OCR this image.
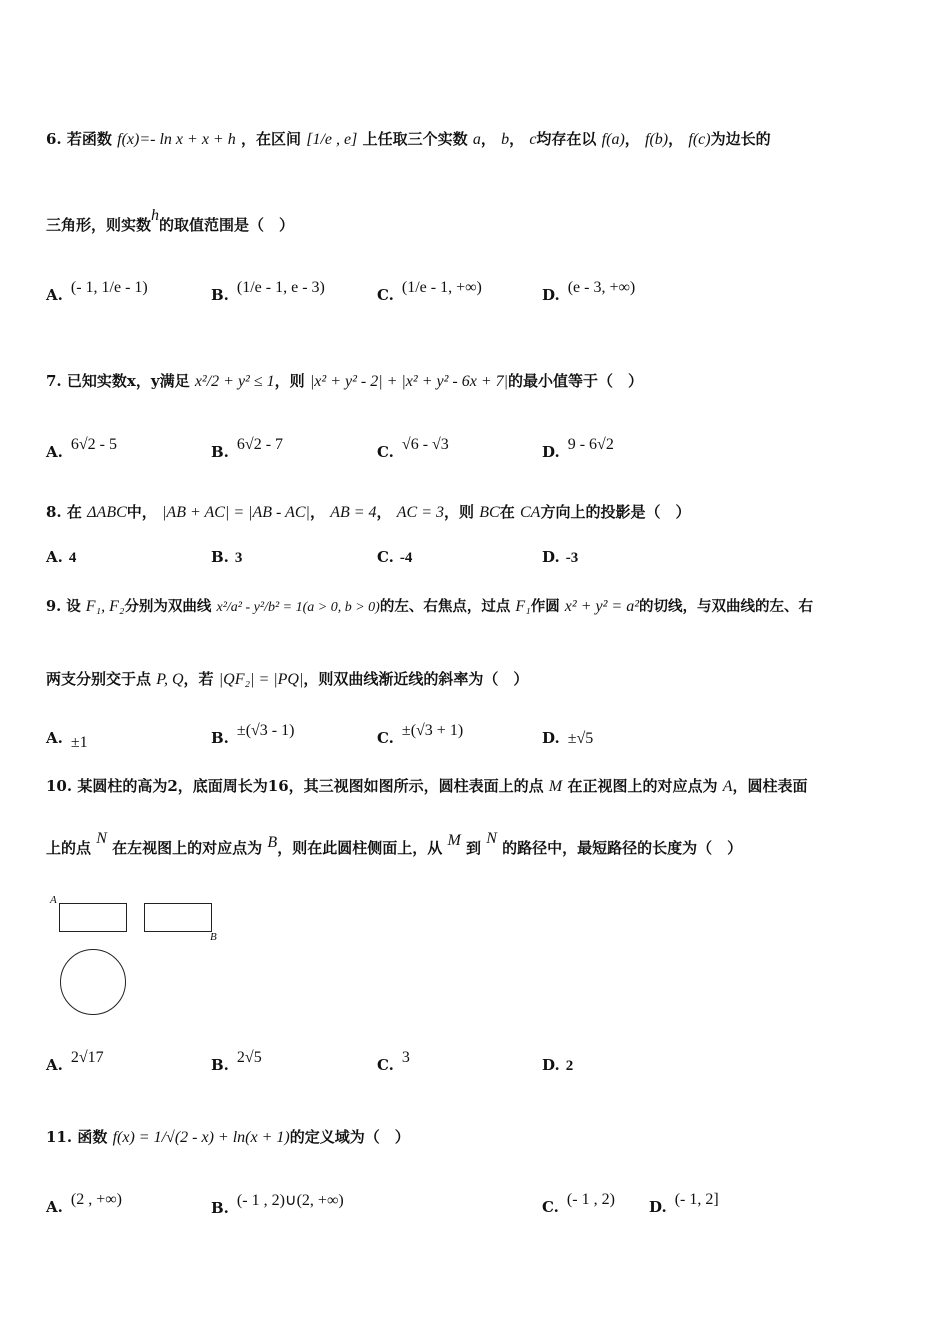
6. 若函数 f(x)=- ln x + x + h ，在区间 [1/e , e] 上任取三个实数 a， b， c均存在以 f(a)， f(b)， f(c)为边长的
三角形，则实数h的取值范围是（　）
A. (- 1, 1/e - 1)	B. (1/e - 1, e - 3)	C. (1/e - 1, +∞)	D. (e - 3, +∞)
7. 已知实数x，y满足 x²/2 + y² ≤ 1，则 |x² + y² - 2| + |x² + y² - 6x + 7|的最小值等于（　）
A. 6√2 - 5	B. 6√2 - 7	C. √6 - √3	D. 9 - 6√2
8. 在 ΔABC中， |AB + AC| = |AB - AC|， AB = 4， AC = 3，则 BC在 CA方向上的投影是（　）
A. 4	B. 3	C. -4	D. -3
9. 设 F₁, F₂分别为双曲线 x²/a² - y²/b² = 1(a > 0, b > 0)的左、右焦点，过点 F₁作圆 x² + y² = a²的切线，与双曲线的左、右
两支分别交于点 P, Q，若 |QF₂| = |PQ|，则双曲线渐近线的斜率为（　）
A. ±1	B. ±(√3 - 1)	C. ±(√3 + 1)	D. ±√5
10. 某圆柱的高为2，底面周长为16，其三视图如图所示，圆柱表面上的点 M 在正视图上的对应点为 A，圆柱表面
上的点 N 在左视图上的对应点为 B，则在此圆柱侧面上，从 M 到 N 的路径中，最短路径的长度为（　）
A
B
A. 2√17	B. 2√5	C. 3	D. 2
11. 函数 f(x) = 1/√(2 - x) + ln(x + 1)的定义域为（　）
A. (2 , +∞)	B. (- 1 , 2)∪(2, +∞)	C. (- 1 , 2) D. (- 1, 2]
